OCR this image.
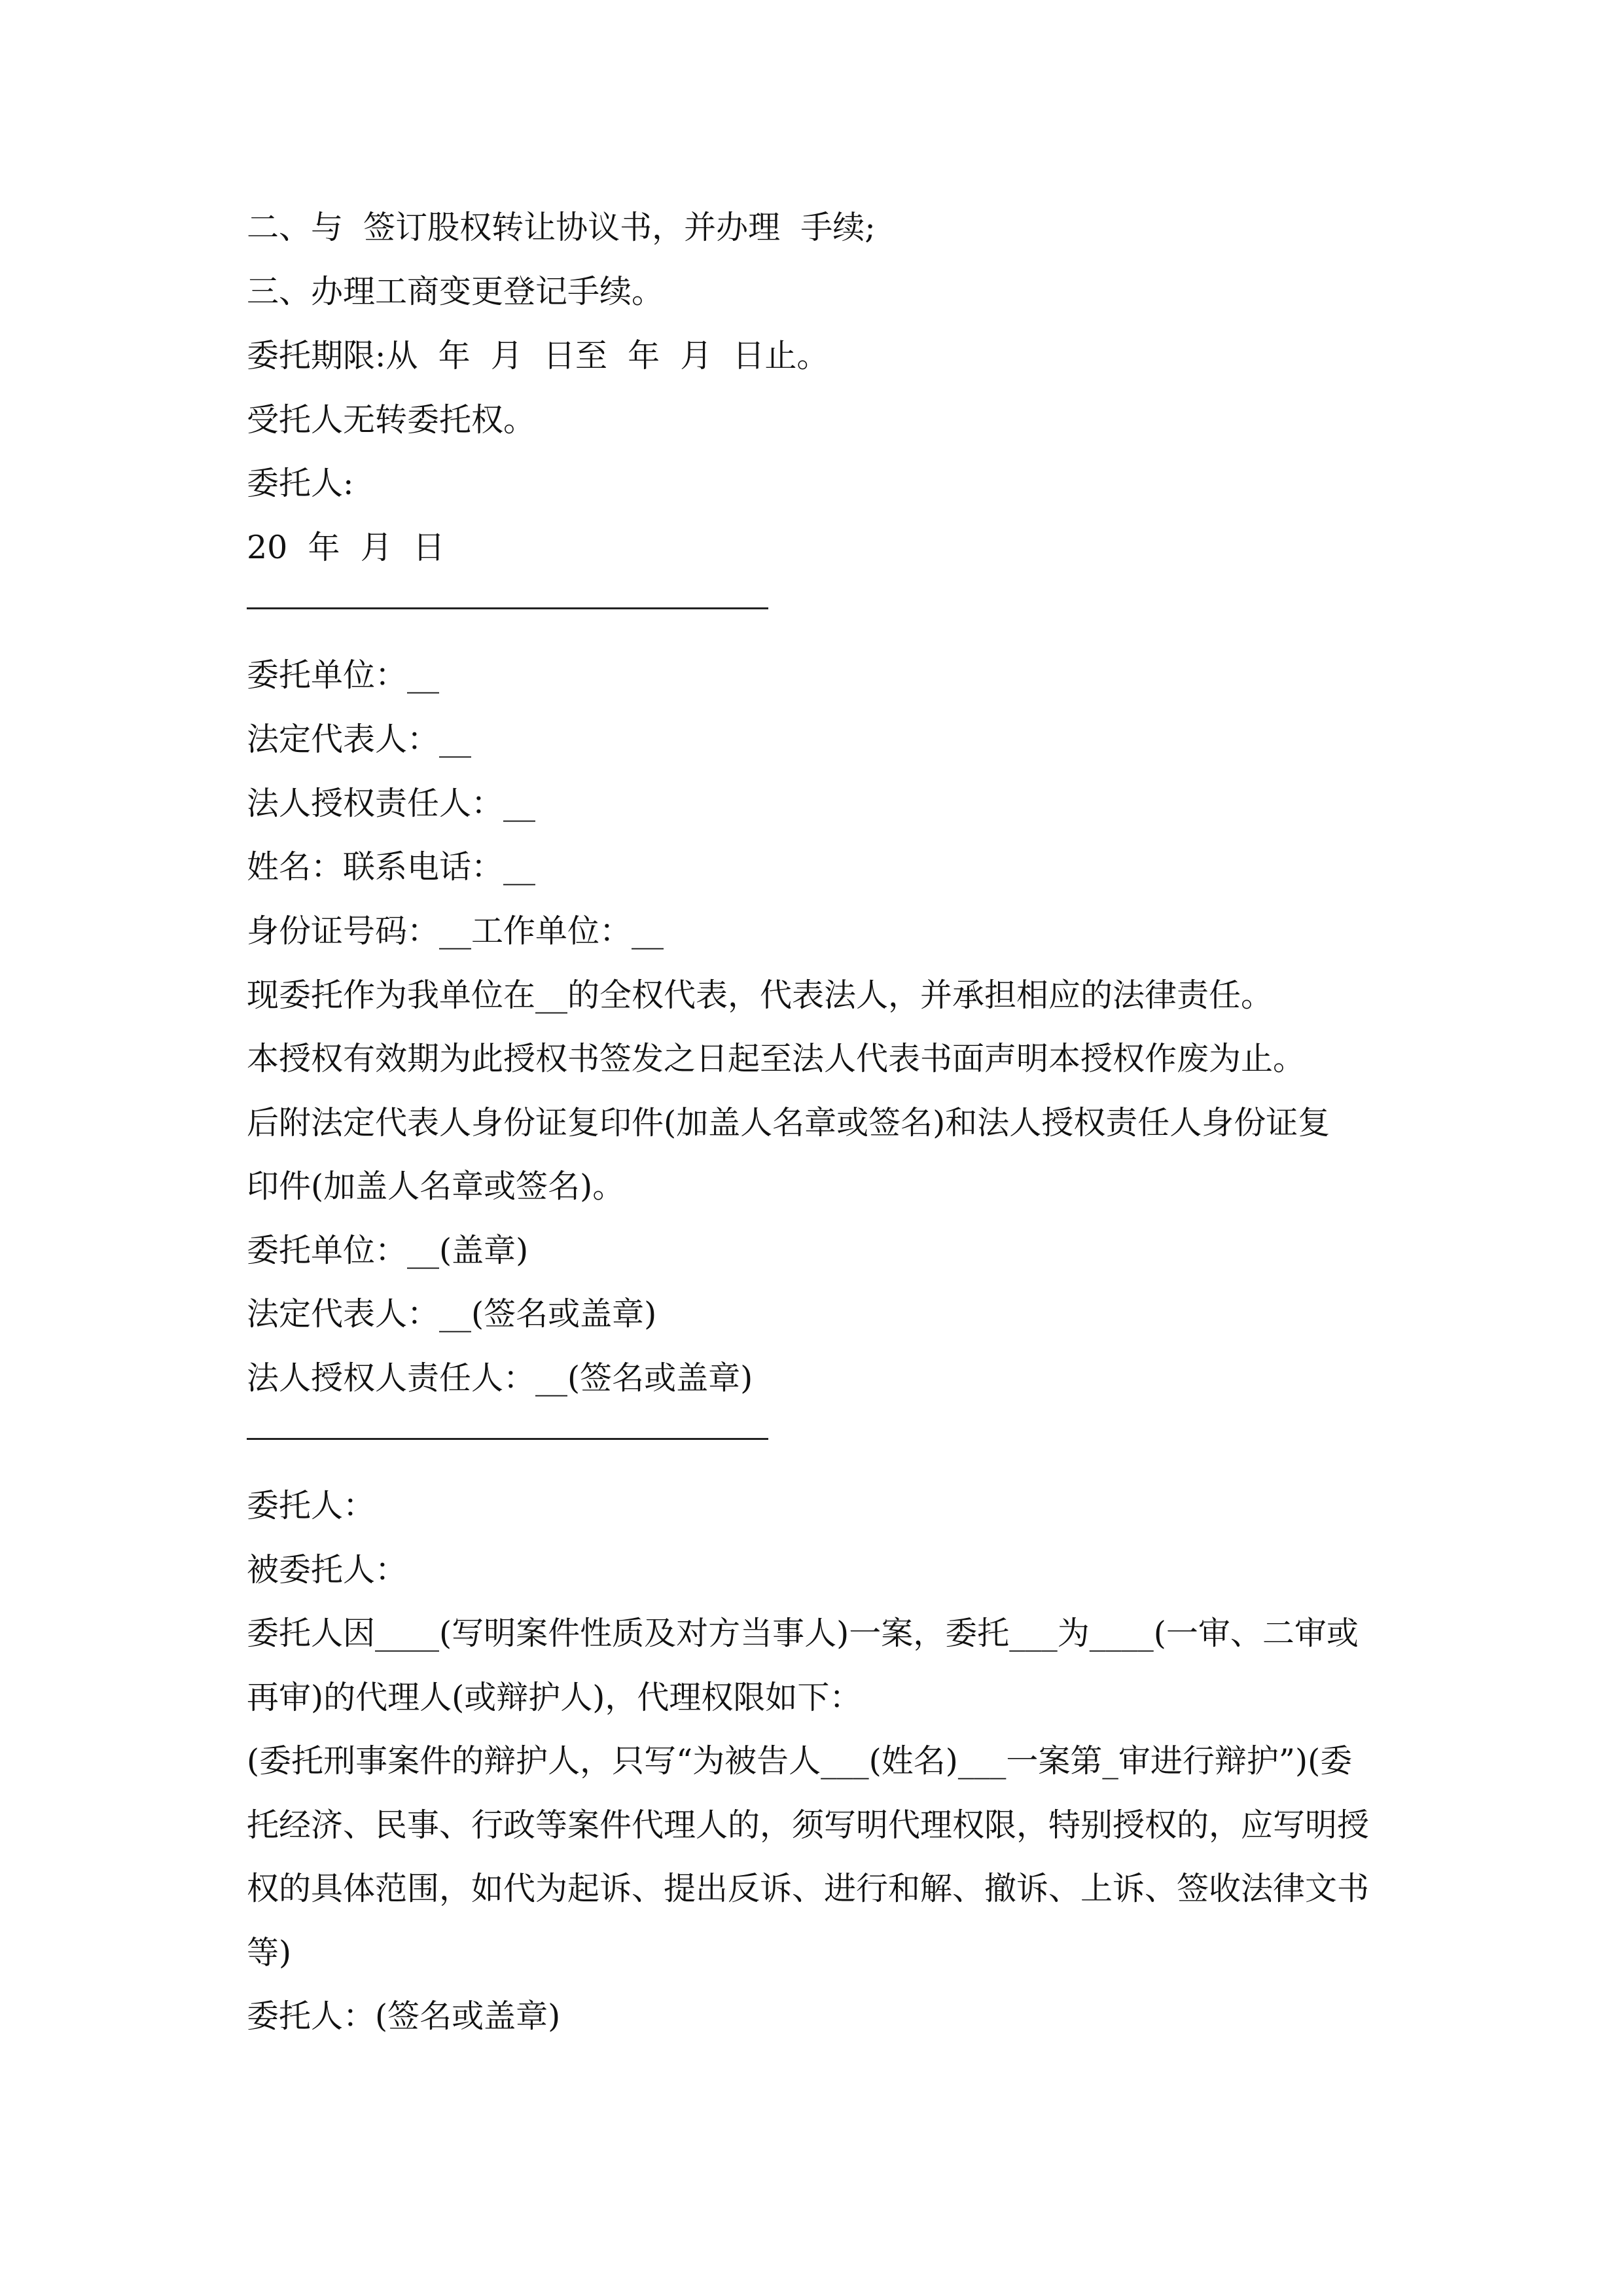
二、与  签订股权转让协议书，并办理  手续;

三、办理工商变更登记手续。

委托期限:从  年  月  日至  年  月  日止。

受托人无转委托权。

委托人:

20  年  月  日

委托单位：__

法定代表人：__

法人授权责任人：__

姓名：联系电话：__

身份证号码：__工作单位：__

现委托作为我单位在__的全权代表，代表法人，并承担相应的法律责任。

本授权有效期为此授权书签发之日起至法人代表书面声明本授权作废为止。

后附法定代表人身份证复印件(加盖人名章或签名)和法人授权责任人身份证复

印件(加盖人名章或签名)。

委托单位：__(盖章)

法定代表人：__(签名或盖章)

法人授权人责任人：__(签名或盖章)

委托人：

被委托人：

委托人因____(写明案件性质及对方当事人)一案，委托___为____(一审、二审或

再审)的代理人(或辩护人)，代理权限如下：

(委托刑事案件的辩护人，只写“为被告人___(姓名)___一案第_审进行辩护”)(委

托经济、民事、行政等案件代理人的，须写明代理权限，特别授权的，应写明授

权的具体范围，如代为起诉、提出反诉、进行和解、撤诉、上诉、签收法律文书

等)

委托人：(签名或盖章)
